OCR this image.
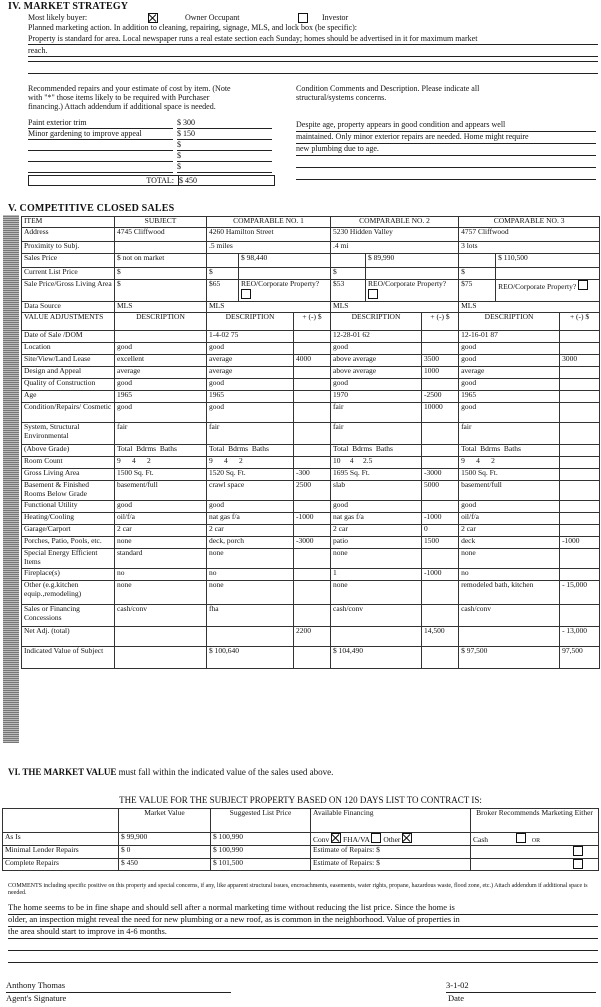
IV. MARKET STRATEGY
Most likely buyer:
	Owner Occupant	Investor
Planned marketing action. In addition to cleaning, repairing, signage, MLS, and lock box (be specific):
Property is standard for area. Local newspaper runs a real estate section each Sunday; homes should be advertised in it for maximum market
reach.
Recommended repairs and your estimate of cost by item. (Note
with "*" those items likely to be required with Purchaser
financing.) Attach addendum if additional space is needed.
Paint exterior trim	$ 300
Minor gardening to improve appeal	$ 150
$
$
$
TOTAL: $ 450
Condition Comments and Description. Please indicate all
structural/systems concerns.
Despite age, property appears in good condition and appears well
maintained. Only minor exterior repairs are needed. Home might require
new plumbing due to age.
V. COMPETITIVE CLOSED SALES
ITEM	SUBJECT	COMPARABLE NO. 1			COMPARABLE NO. 2			COMPARABLE NO. 3		
Address	4745 Cliffwood	4260 Hamilton Street			5230 Hidden Valley			4757 Cliffwood		
Proximity to Subj.		.5 miles			.4 mi			3 lots		
Sales Price	$ not on market		$ 98,440			$ 89,990			$ 110,500	
Current List Price	$	$			$			$		
Sale Price/Gross Living Area	$	$65	REO/Corporate Property?		$53	REO/Corporate Property?		$75	REO/Corporate Property?	
Data Source	MLS	MLS			MLS			MLS		
VALUE ADJUSTMENTS	DESCRIPTION	DESCRIPTION		+ (-) $	DESCRIPTION		+ (-) $	DESCRIPTION		+ (-) $
Date of Sale /DOM		1-4-02 75			12-28-01 62			12-16-01 87		
Location	good	good			good			good		
Site/View/Land Lease	excellent	average		4000	above average		3500	good		3000
Design and Appeal	average	average			above average		1000	average		
Quality of Construction	good	good			good			good		
Age	1965	1965			1970		-2500	1965		
Condition/Repairs/ Cosmetic	good	good			fair		10000	good		
System, Structural Environmental	fair	fair			fair			fair		
(Above Grade)	Total Bdrms Baths	Total Bdrms Baths			Total Bdrms Baths			Total Bdrms Baths		
Room Count	9 4 2	9 4 2			10 4 2.5			9 4 2		
Gross Living Area	1500 Sq. Ft.	1520 Sq. Ft.		-300	1695 Sq. Ft.		-3000	1500 Sq. Ft.		
Basement & Finished Rooms Below Grade	basement/full	crawl space		2500	slab		5000	basement/full		
Functional Utility	good	good			good			good		
Heating/Cooling	oil/f/a	nat gas f/a		-1000	nat gas f/a		-1000	oil/f/a		
Garage/Carport	2 car	2 car			2 car		0	2 car		
Porches, Patio, Pools, etc.	none	deck, porch		-3000	patio		1500	deck		-1000
Special Energy Efficient Items	standard	none			none			none		
Fireplace(s)	no	no			1		-1000	no		
Other (e.g.kitchen equip.,remodeling)	none	none			none			remodeled bath, kitchen		- 15,000
Sales or Financing Concessions	cash/conv	fha			cash/conv			cash/conv		
Net Adj. (total)				2200			14,500			- 13,000
Indicated Value of Subject		$ 100,640			$ 104,490			$ 97,500		97,500
VI. THE MARKET VALUE must fall within the indicated value of the sales used above.
THE VALUE FOR THE SUBJECT PROPERTY BASED ON 120 DAYS LIST TO CONTRACT IS:
	Market Value	Suggested List Price	Available Financing	Broker Recommends Marketing Either
As Is	$ 99,900	$ 100,990	Conv FHA/VA Other	Cash OR
Minimal Lender Repairs	$ 0	$ 100,990	Estimate of Repairs: $	
Complete Repairs	$ 450	$ 101,500	Estimate of Repairs: $	
COMMENTS including specific positive on this property and special concerns, if any, like apparent structural issues, encroachments, easements, water rights, propane, hazardous waste, flood zone, etc.) Attach addendum if additional space is needed.
The home seems to be in fine shape and should sell after a normal marketing time without reducing the list price. Since the home is
older, an inspection might reveal the need for new plumbing or a new roof, as is common in the neighborhood. Value of properties in
the area should start to improve in 4-6 months.
Anthony Thomas
Agent's Signature
3-1-02
Date
